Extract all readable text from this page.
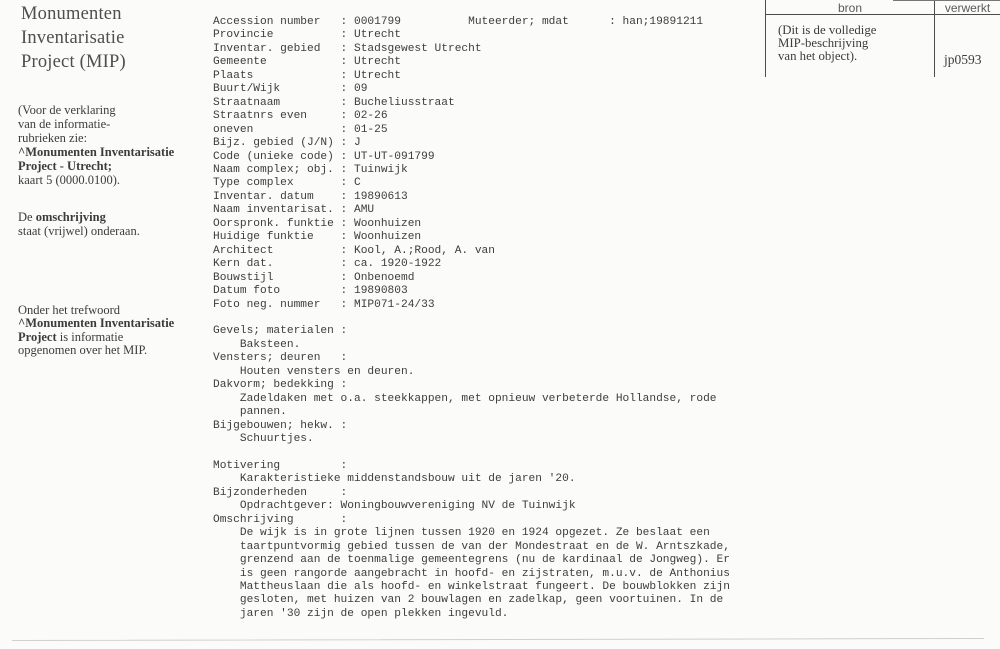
Monumenten
Inventarisatie
Project (MIP)
(Voor de verklaring
van de informatie-
rubrieken zie:
^Monumenten Inventarisatie
Project - Utrecht;
kaart 5 (0000.0100).
De omschrijving
staat (vrijwel) onderaan.
Onder het trefwoord
^Monumenten Inventarisatie
Project is informatie
opgenomen over het MIP.
Accession number   : 0001799          Muteerder; mdat      : han;19891211
Provincie          : Utrecht
Inventar. gebied   : Stadsgewest Utrecht
Gemeente           : Utrecht
Plaats             : Utrecht
Buurt/Wijk         : 09
Straatnaam         : Bucheliusstraat
Straatnrs even     : 02-26
oneven             : 01-25
Bijz. gebied (J/N) : J
Code (unieke code) : UT-UT-091799
Naam complex; obj. : Tuinwijk
Type complex       : C
Inventar. datum    : 19890613
Naam inventarisat. : AMU
Oorspronk. funktie : Woonhuizen
Huidige funktie    : Woonhuizen
Architect          : Kool, A.;Rood, A. van
Kern dat.          : ca. 1920-1922
Bouwstijl          : Onbenoemd
Datum foto         : 19890803
Foto neg. nummer   : MIP071-24/33

Gevels; materialen :
Baksteen.
Vensters; deuren   :
Houten vensters en deuren.
Dakvorm; bedekking :
Zadeldaken met o.a. steekkappen, met opnieuw verbeterde Hollandse, rode
pannen.
Bijgebouwen; hekw. :
Schuurtjes.

Motivering         :
Karakteristieke middenstandsbouw uit de jaren '20.
Bijzonderheden     :
Opdrachtgever: Woningbouwvereniging NV de Tuinwijk
Omschrijving       :
De wijk is in grote lijnen tussen 1920 en 1924 opgezet. Ze beslaat een
taartpuntvormig gebied tussen de van der Mondestraat en de W. Arntszkade,
grenzend aan de toenmalige gemeentegrens (nu de kardinaal de Jongweg). Er
is geen rangorde aangebracht in hoofd- en zijstraten, m.u.v. de Anthonius
Mattheuslaan die als hoofd- en winkelstraat fungeert. De bouwblokken zijn
gesloten, met huizen van 2 bouwlagen en zadelkap, geen voortuinen. In de
jaren '30 zijn de open plekken ingevuld.
bron	verwerkt
(Dit is de volledige
MIP-beschrijving
van het object).	jp0593
